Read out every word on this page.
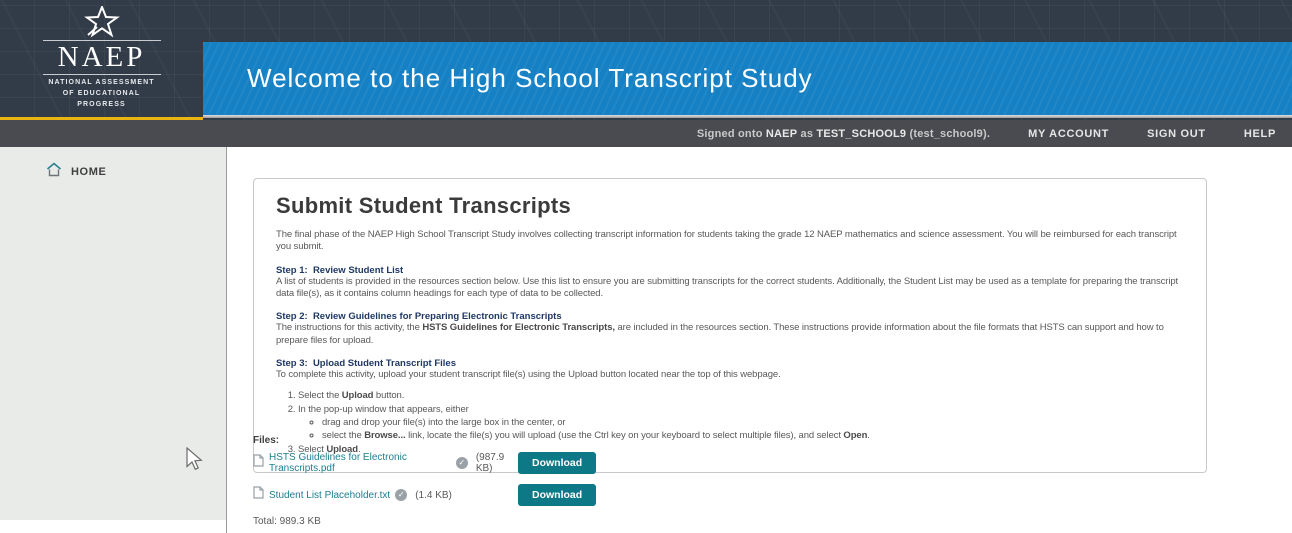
NAEP
NATIONAL ASSESSMENT
OF EDUCATIONAL
PROGRESS
Welcome to the High School Transcript Study
Signed onto NAEP as TEST_SCHOOL9 (test_school9).	MY ACCOUNT	SIGN OUT	HELP
HOME
Submit Student Transcripts

The final phase of the NAEP High School Transcript Study involves collecting transcript information for students taking the grade 12 NAEP mathematics and science assessment. You will be reimbursed for each transcript you submit.

Step 1:  Review Student List
A list of students is provided in the resources section below. Use this list to ensure you are submitting transcripts for the correct students. Additionally, the Student List may be used as a template for preparing the transcript data file(s), as it contains column headings for each type of data to be collected.
Step 2:  Review Guidelines for Preparing Electronic Transcripts
The instructions for this activity, the HSTS Guidelines for Electronic Transcripts, are included in the resources section. These instructions provide information about the file formats that HSTS can support and how to prepare files for upload.
Step 3:  Upload Student Transcript Files
To complete this activity, upload your student transcript file(s) using the Upload button located near the top of this webpage.
1. Select the Upload button.
2. In the pop-up window that appears, either
◦ drag and drop your file(s) into the large box in the center, or
◦ select the Browse... link, locate the file(s) you will upload (use the Ctrl key on your keyboard to select multiple files), and select Open.
3. Select Upload.
Files:
HSTS Guidelines for Electronic Transcripts.pdf
✓ (987.9 KB)	Download
Student List Placeholder.txt ✓ (1.4 KB)	Download
Total: 989.3 KB
